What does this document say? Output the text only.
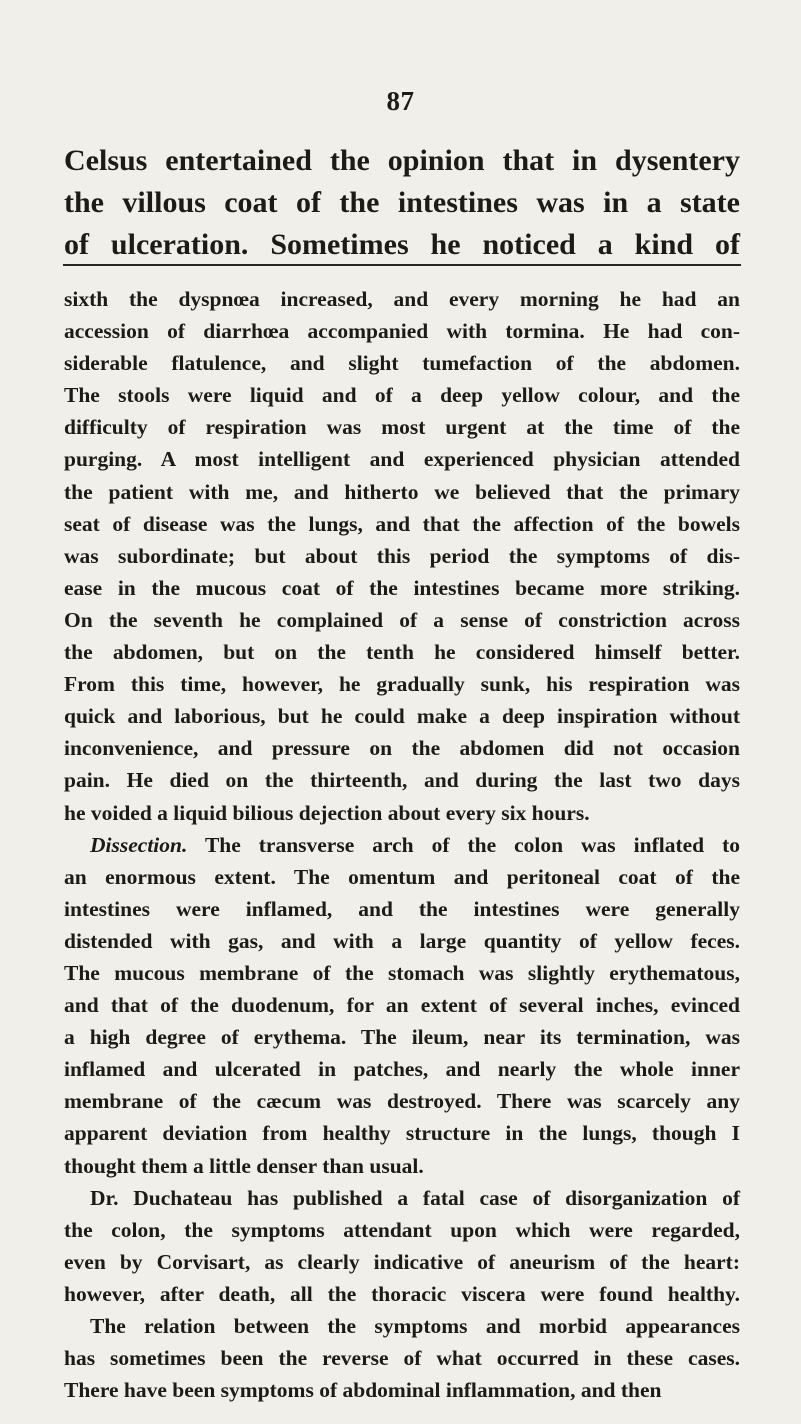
87
Celsus entertained the opinion that in dysentery
the villous coat of the intestines was in a state
of ulceration. Sometimes he noticed a kind of
sixth the dyspnœa increased, and every morning he had an
accession of diarrhœa accompanied with tormina. He had con-
siderable flatulence, and slight tumefaction of the abdomen.
The stools were liquid and of a deep yellow colour, and the
difficulty of respiration was most urgent at the time of the
purging. A most intelligent and experienced physician attended
the patient with me, and hitherto we believed that the primary
seat of disease was the lungs, and that the affection of the bowels
was subordinate; but about this period the symptoms of dis-
ease in the mucous coat of the intestines became more striking.
On the seventh he complained of a sense of constriction across
the abdomen, but on the tenth he considered himself better.
From this time, however, he gradually sunk, his respiration was
quick and laborious, but he could make a deep inspiration without
inconvenience, and pressure on the abdomen did not occasion
pain. He died on the thirteenth, and during the last two days
he voided a liquid bilious dejection about every six hours.
Dissection. The transverse arch of the colon was inflated to
an enormous extent. The omentum and peritoneal coat of the
intestines were inflamed, and the intestines were generally
distended with gas, and with a large quantity of yellow feces.
The mucous membrane of the stomach was slightly erythematous,
and that of the duodenum, for an extent of several inches, evinced
a high degree of erythema. The ileum, near its termination, was
inflamed and ulcerated in patches, and nearly the whole inner
membrane of the cæcum was destroyed. There was scarcely any
apparent deviation from healthy structure in the lungs, though I
thought them a little denser than usual.
Dr. Duchateau has published a fatal case of disorganization of
the colon, the symptoms attendant upon which were regarded,
even by Corvisart, as clearly indicative of aneurism of the heart:
however, after death, all the thoracic viscera were found healthy.
The relation between the symptoms and morbid appearances
has sometimes been the reverse of what occurred in these cases.
There have been symptoms of abdominal inflammation, and then
